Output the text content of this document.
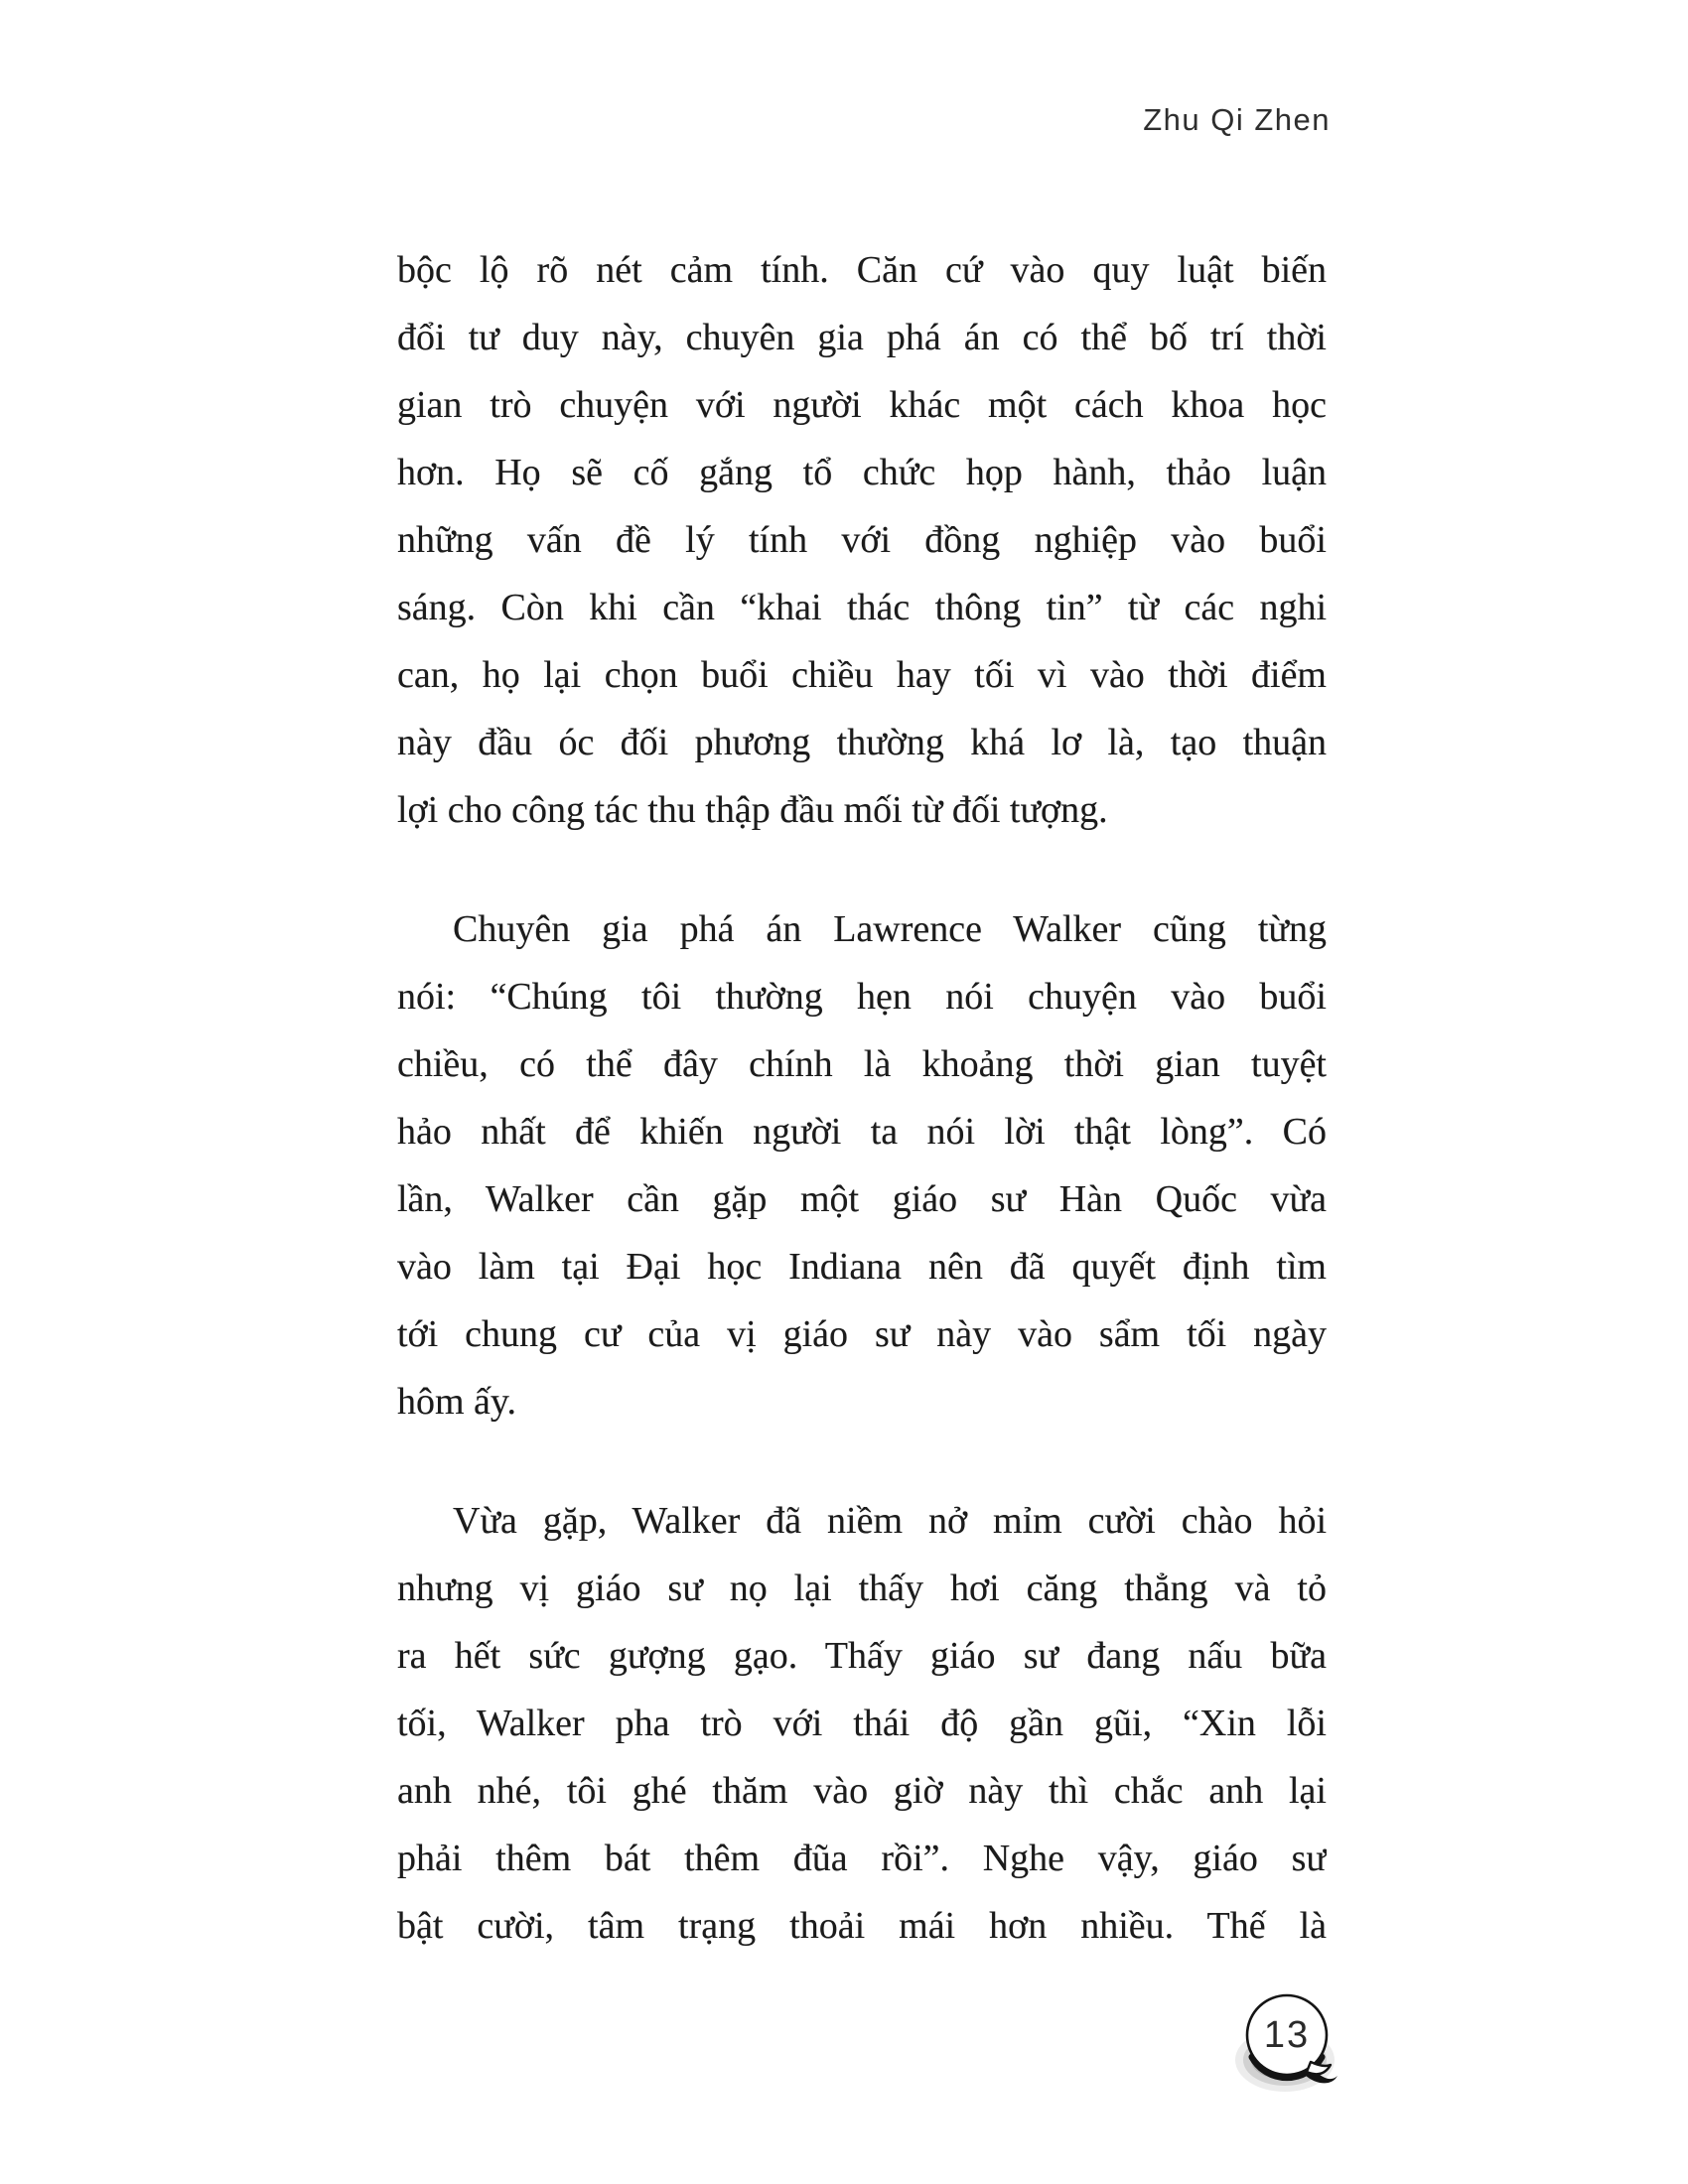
Zhu Qi Zhen
bộc lộ rõ nét cảm tính. Căn cứ vào quy luật biến
đổi tư duy này, chuyên gia phá án có thể bố trí thời
gian trò chuyện với người khác một cách khoa học
hơn. Họ sẽ cố gắng tổ chức họp hành, thảo luận
những vấn đề lý tính với đồng nghiệp vào buổi
sáng. Còn khi cần “khai thác thông tin” từ các nghi
can, họ lại chọn buổi chiều hay tối vì vào thời điểm
này đầu óc đối phương thường khá lơ là, tạo thuận
lợi cho công tác thu thập đầu mối từ đối tượng.
Chuyên gia phá án Lawrence Walker cũng từng
nói: “Chúng tôi thường hẹn nói chuyện vào buổi
chiều, có thể đây chính là khoảng thời gian tuyệt
hảo nhất để khiến người ta nói lời thật lòng”. Có
lần, Walker cần gặp một giáo sư Hàn Quốc vừa
vào làm tại Đại học Indiana nên đã quyết định tìm
tới chung cư của vị giáo sư này vào sẩm tối ngày
hôm ấy.
Vừa gặp, Walker đã niềm nở mỉm cười chào hỏi
nhưng vị giáo sư nọ lại thấy hơi căng thẳng và tỏ
ra hết sức gượng gạo. Thấy giáo sư đang nấu bữa
tối, Walker pha trò với thái độ gần gũi, “Xin lỗi
anh nhé, tôi ghé thăm vào giờ này thì chắc anh lại
phải thêm bát thêm đũa rồi”. Nghe vậy, giáo sư
bật cười, tâm trạng thoải mái hơn nhiều. Thế là
13
